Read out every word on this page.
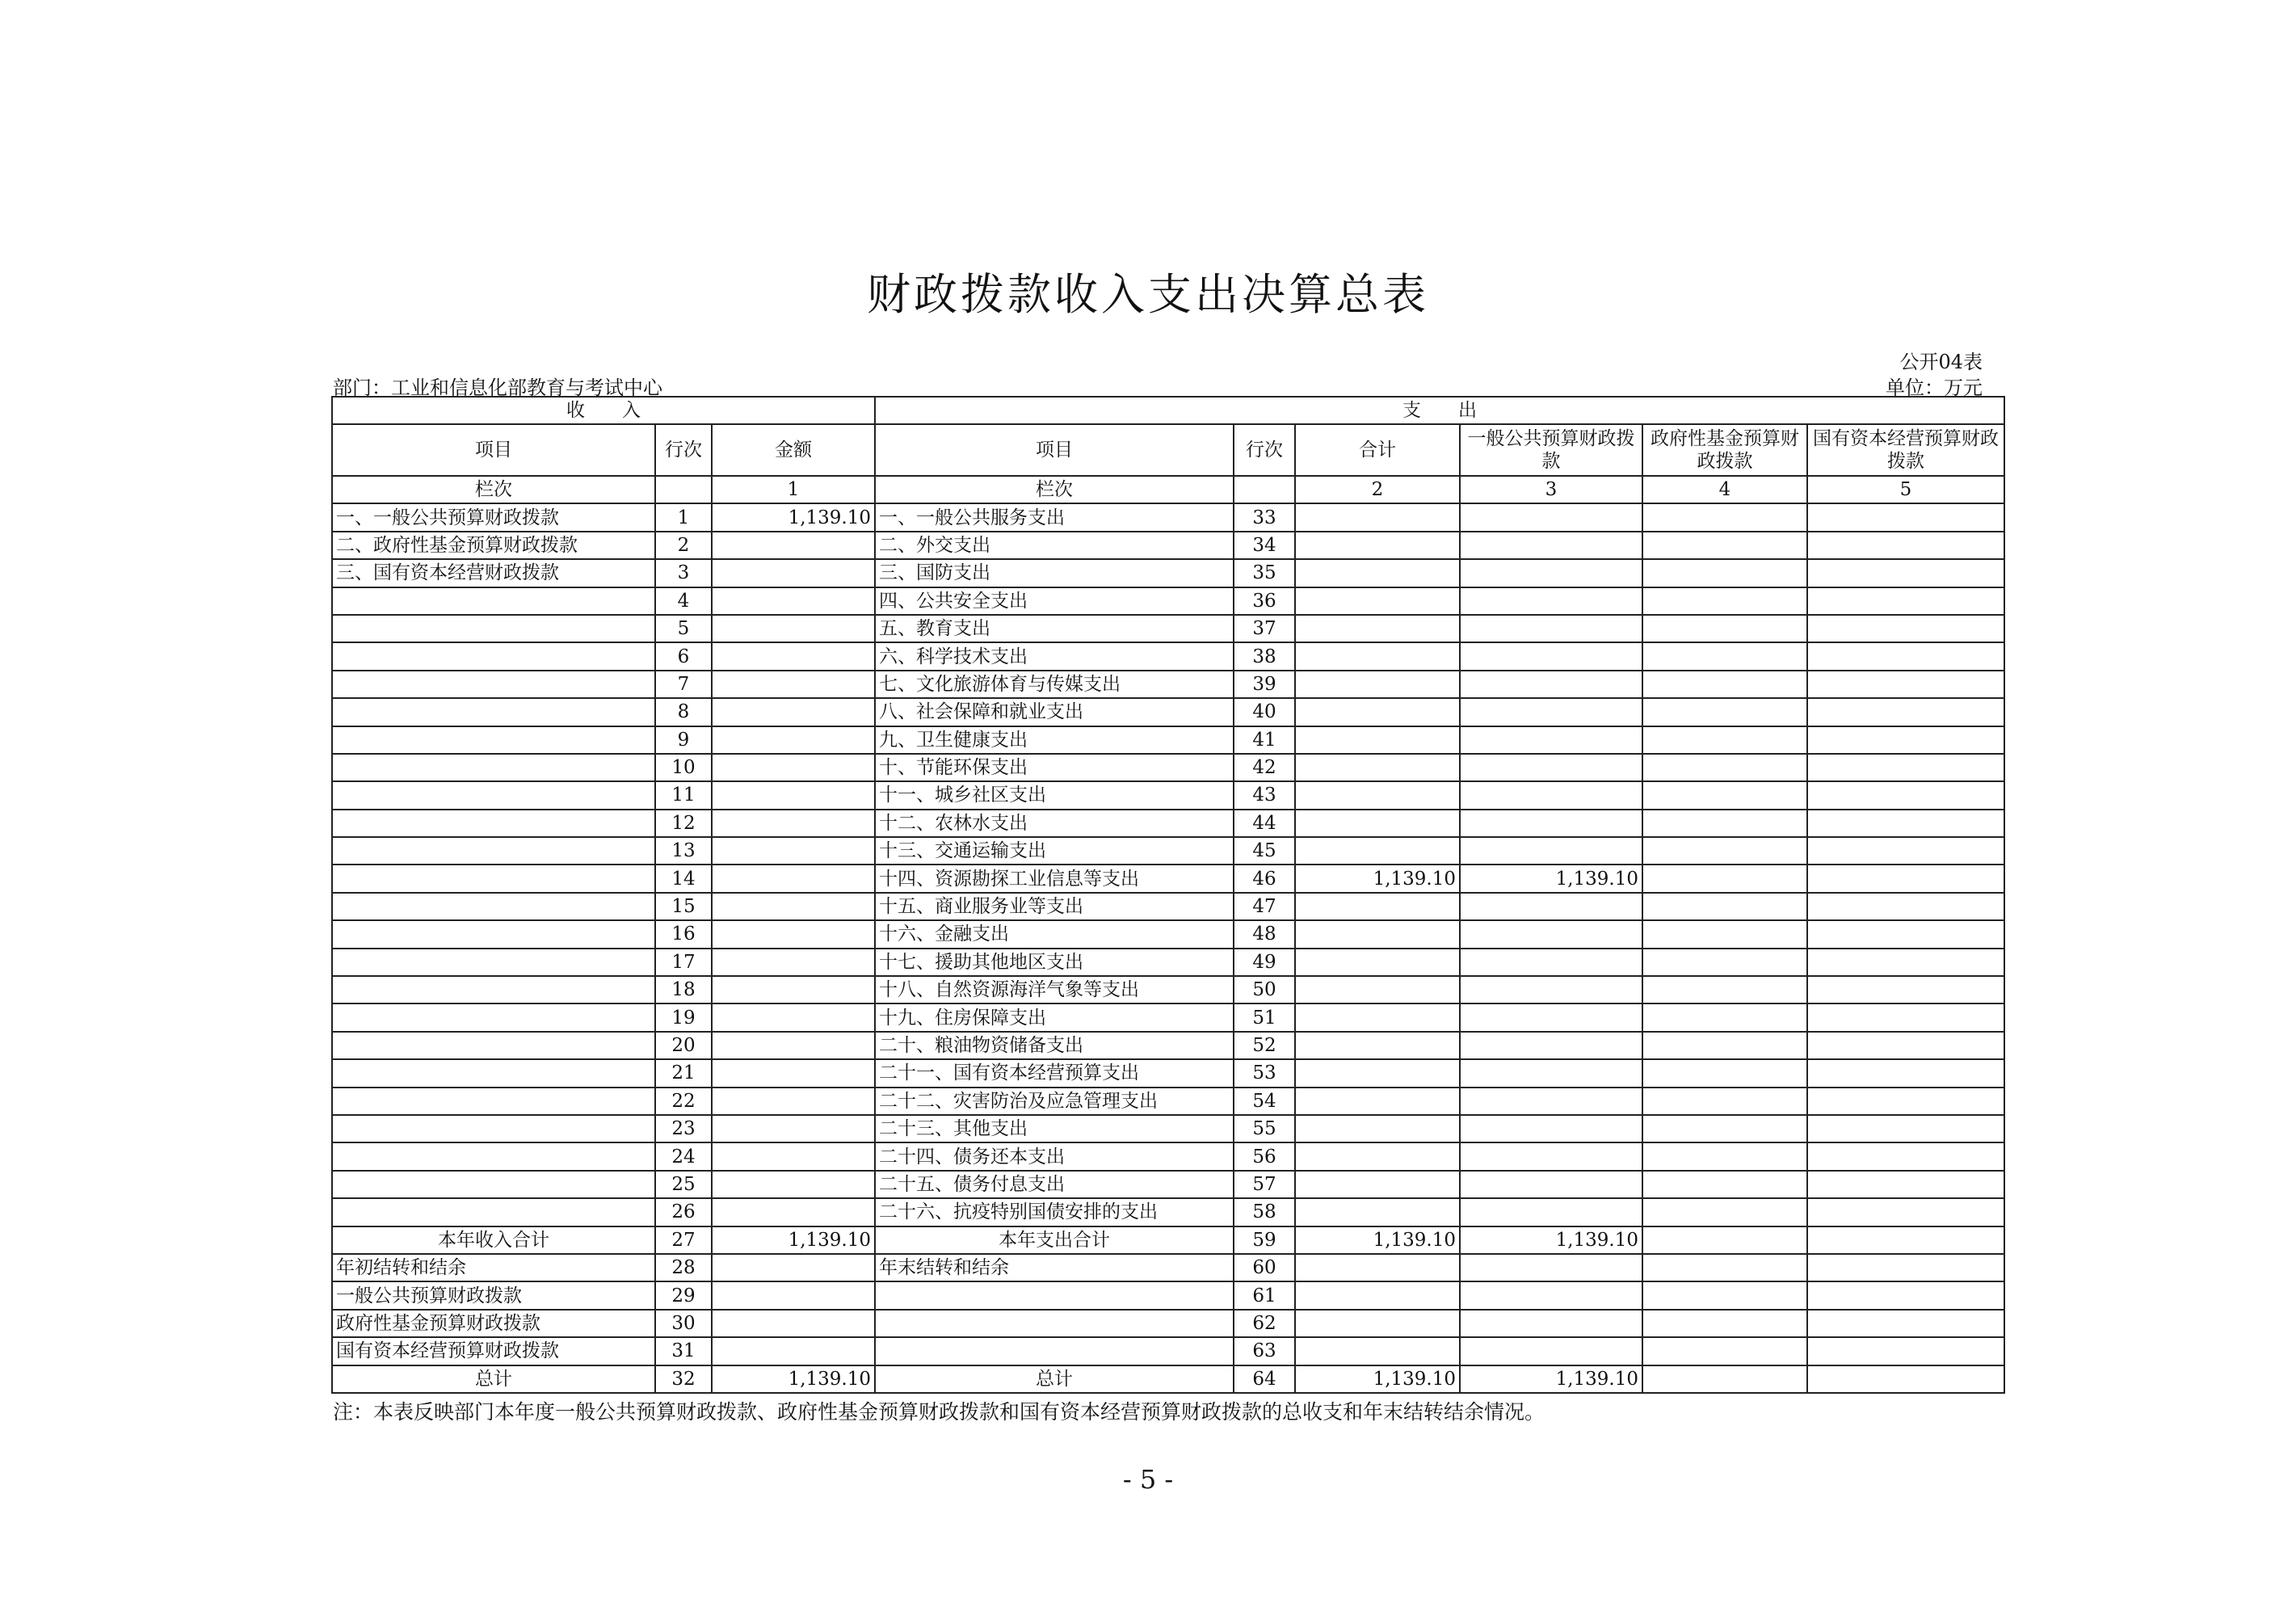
财政拨款收入支出决算总表
公开04表
部门：工业和信息化部教育与考试中心	单位：万元
收　　入			支　　出					
项目	行次	金额	项目	行次	合计	一般公共预算财政拨款	政府性基金预算财政拨款	国有资本经营预算财政拨款
栏次		1	栏次		2	3	4	5
一、一般公共预算财政拨款	1	1,139.10	一、一般公共服务支出	33				
二、政府性基金预算财政拨款	2		二、外交支出	34				
三、国有资本经营财政拨款	3		三、国防支出	35				
	4		四、公共安全支出	36				
	5		五、教育支出	37				
	6		六、科学技术支出	38				
	7		七、文化旅游体育与传媒支出	39				
	8		八、社会保障和就业支出	40				
	9		九、卫生健康支出	41				
	10		十、节能环保支出	42				
	11		十一、城乡社区支出	43				
	12		十二、农林水支出	44				
	13		十三、交通运输支出	45				
	14		十四、资源勘探工业信息等支出	46	1,139.10	1,139.10		
	15		十五、商业服务业等支出	47				
	16		十六、金融支出	48				
	17		十七、援助其他地区支出	49				
	18		十八、自然资源海洋气象等支出	50				
	19		十九、住房保障支出	51				
	20		二十、粮油物资储备支出	52				
	21		二十一、国有资本经营预算支出	53				
	22		二十二、灾害防治及应急管理支出	54				
	23		二十三、其他支出	55				
	24		二十四、债务还本支出	56				
	25		二十五、债务付息支出	57				
	26		二十六、抗疫特别国债安排的支出	58				
本年收入合计	27	1,139.10	本年支出合计	59	1,139.10	1,139.10		
年初结转和结余	28		年末结转和结余	60				
一般公共预算财政拨款	29			61				
政府性基金预算财政拨款	30			62				
国有资本经营预算财政拨款	31			63				
总计	32	1,139.10	总计	64	1,139.10	1,139.10		
注：本表反映部门本年度一般公共预算财政拨款、政府性基金预算财政拨款和国有资本经营预算财政拨款的总收支和年末结转结余情况。
- 5 -
